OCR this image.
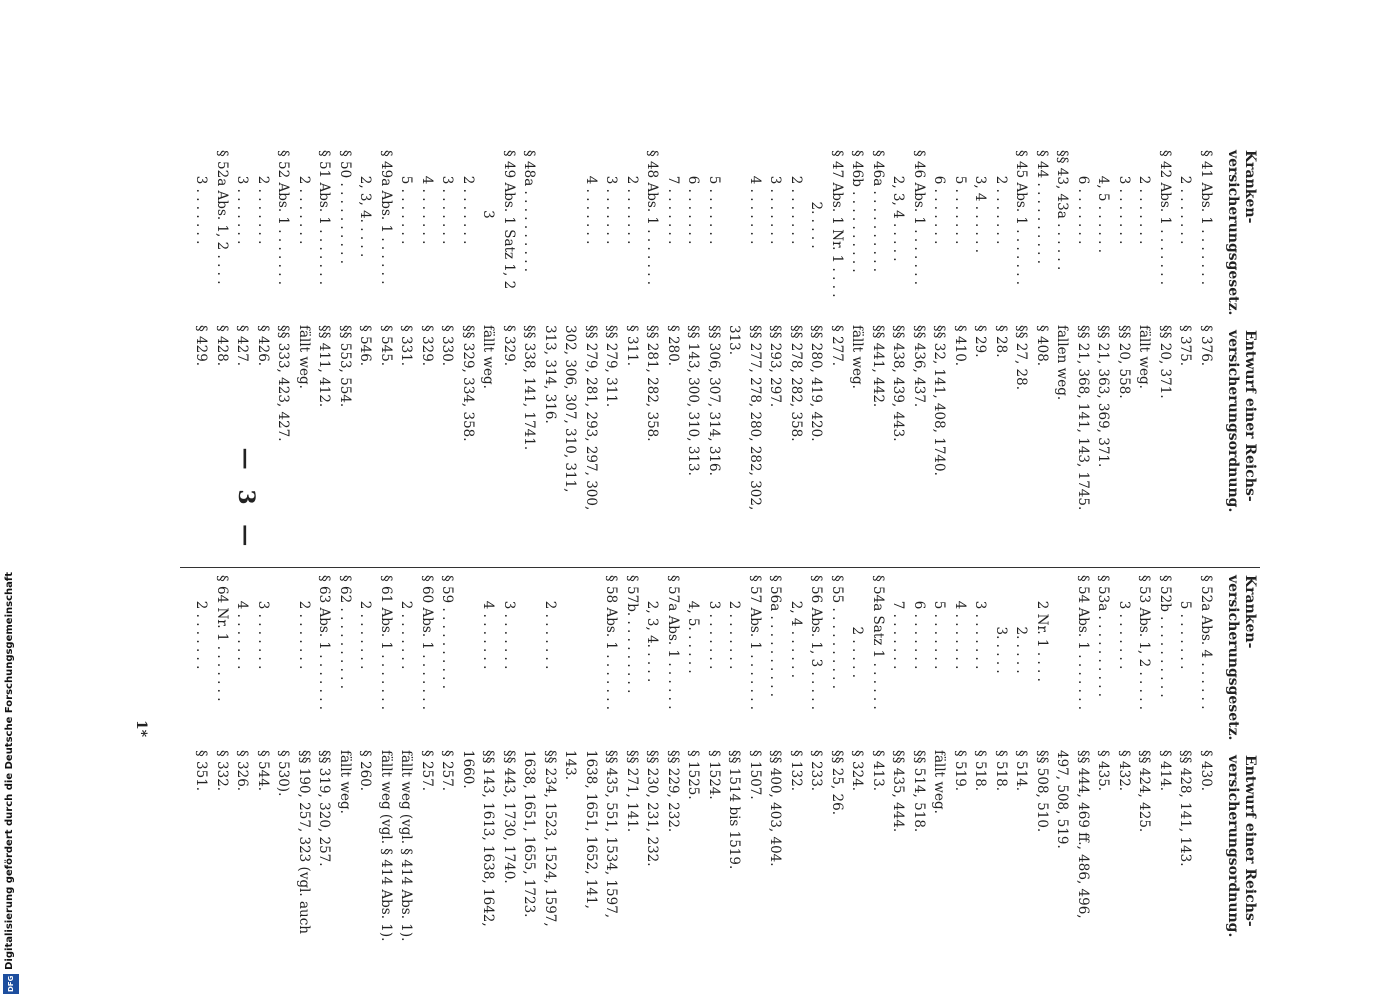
— 3 —
Kranken-
versicherungsgesetz.
Entwurf einer Reichs-
versicherungsordnung.
§ 41 Abs. 1 . . . . . . .
§ 376.
2 . . . . . . .
§ 375.
§ 42 Abs. 1 . . . . . . .
§§ 20, 371.
2 . . . . . . .
fällt weg.
3 . . . . . . .
§§ 20, 558.
4, 5 . . . . . .
§§ 21, 363, 369, 371.
6 . . . . . . .
§§ 21, 368, 141, 143, 1745.
§§ 43, 43a . . . . . .
fallen weg.
§ 44 . . . . . . . . . .
§ 408.
§ 45 Abs. 1 . . . . . . .
§§ 27, 28.
2 . . . . . . .
§ 28.
3, 4 . . . . . .
§ 29.
5 . . . . . . .
§ 410.
6 . . . . . . .
§§ 32, 141, 408, 1740.
§ 46 Abs. 1 . . . . . . .
§§ 436, 437.
2, 3, 4 . . . . .
§§ 438, 439, 443.
§ 46a . . . . . . . . . .
§§ 441, 442.
§ 46b . . . . . . . . . .
fällt weg.
§ 47 Abs. 1 Nr. 1 . . . .
§ 277.
2. . . . .
§§ 280, 419, 420.
2 . . . . . . .
§§ 278, 282, 358.
3 . . . . . . .
§§ 293, 297.
4 . . . . . . .
§§ 277, 278, 280, 282, 302,
313.
5 . . . . . . .
§§ 306, 307, 314, 316.
6 . . . . . . .
§§ 143, 300, 310, 313.
7 . . . . . . .
§ 280.
§ 48 Abs. 1 . . . . . . .
§§ 281, 282, 358.
2 . . . . . . .
§ 311.
3 . . . . . . .
§§ 279, 311.
4 . . . . . . .
§§ 279, 281, 293, 297, 300,
302, 306, 307, 310, 311,
313, 314, 316.
§ 48a . . . . . . . . . .
§§ 338, 141, 1741.
§ 49 Abs. 1 Satz 1, 2
§ 329.
3
fällt weg.
2 . . . . . . .
§§ 329, 334, 358.
3 . . . . . . .
§ 330.
4 . . . . . . .
§ 329.
5 . . . . . . .
§ 331.
§ 49a Abs. 1 . . . . . .
§ 545.
2, 3, 4. . . . .
§ 546.
§ 50 . . . . . . . . . .
§§ 553, 554.
§ 51 Abs. 1 . . . . . . .
§§ 411, 412.
2 . . . . . . .
fällt weg.
§ 52 Abs. 1 . . . . . . .
§§ 333, 423, 427.
2 . . . . . . .
§ 426.
3 . . . . . . .
§ 427.
§ 52a Abs. 1, 2 . . . .
§ 428.
3 . . . . . . .
§ 429.
Kranken-
versicherungsgesetz.
Entwurf einer Reichs-
versicherungsordnung.
§ 52a Abs. 4 . . . . . .
§ 430.
5 . . . . . . .
§§ 428, 141, 143.
§ 52b . . . . . . . . . .
§ 414.
§ 53 Abs. 1, 2 . . . . .
§§ 424, 425.
3 . . . . . . .
§ 432.
§ 53a . . . . . . . . . .
§ 435.
§ 54 Abs. 1 . . . . . . .
§§ 444, 469 ff., 486, 496,
497, 508, 519.
2 Nr. 1 . . . .
§§ 508, 510.
2. . . . .
§ 514.
3. . . . .
§ 518.
3 . . . . . . .
§ 518.
4 . . . . . . .
§ 519.
5 . . . . . . .
fällt weg.
6 . . . . . . .
§§ 514, 518.
7 . . . . . . .
§§ 435, 444.
§ 54a Satz 1 . . . . . .
§ 413.
2 . . . . .
§ 324.
§ 55 . . . . . . . . . .
§§ 25, 26.
§ 56 Abs. 1, 3 . . . . .
§ 233.
2, 4 . . . . . .
§ 132.
§ 56a . . . . . . . . . .
§§ 400, 403, 404.
§ 57 Abs. 1 . . . . . . .
§ 1507.
2 . . . . . . .
§§ 1514 bis 1519.
3 . . . . . . .
§ 1524.
4, 5. . . . . .
§ 1525.
§ 57a Abs. 1 . . . . . .
§§ 229, 232.
2, 3, 4. . . . .
§§ 230, 231, 232.
§ 57b. . . . . . . . . .
§§ 271, 141.
§ 58 Abs. 1 . . . . . . .
§§ 435, 551, 1534, 1597,
1638, 1651, 1652, 141,
143.
2 . . . . . . .
§§ 234, 1523, 1524, 1597,
1638, 1651, 1655, 1723.
3 . . . . . . .
§§ 443, 1730, 1740.
4 . . . . . . .
§§ 143, 1613, 1638, 1642,
1660.
§ 59 . . . . . . . . . .
§ 257.
§ 60 Abs. 1 . . . . . . .
§ 257.
2 . . . . . . .
fällt weg (vgl. § 414 Abs. 1).
§ 61 Abs. 1 . . . . . . .
fällt weg (vgl. § 414 Abs. 1).
2 . . . . . . .
§ 260.
§ 62 . . . . . . . . . .
fällt weg.
§ 63 Abs. 1 . . . . . . .
§§ 319, 320, 257.
2 . . . . . . .
§§ 190, 257, 323 (vgl. auch
§ 530).
3 . . . . . . .
§ 544.
4 . . . . . . .
§ 326.
§ 64 Nr. 1 . . . . . . .
§ 332.
2 . . . . . . .
§ 351.
1*
Digitalisierung gefördert durch die Deutsche Forschungsgemeinschaft
DFG
